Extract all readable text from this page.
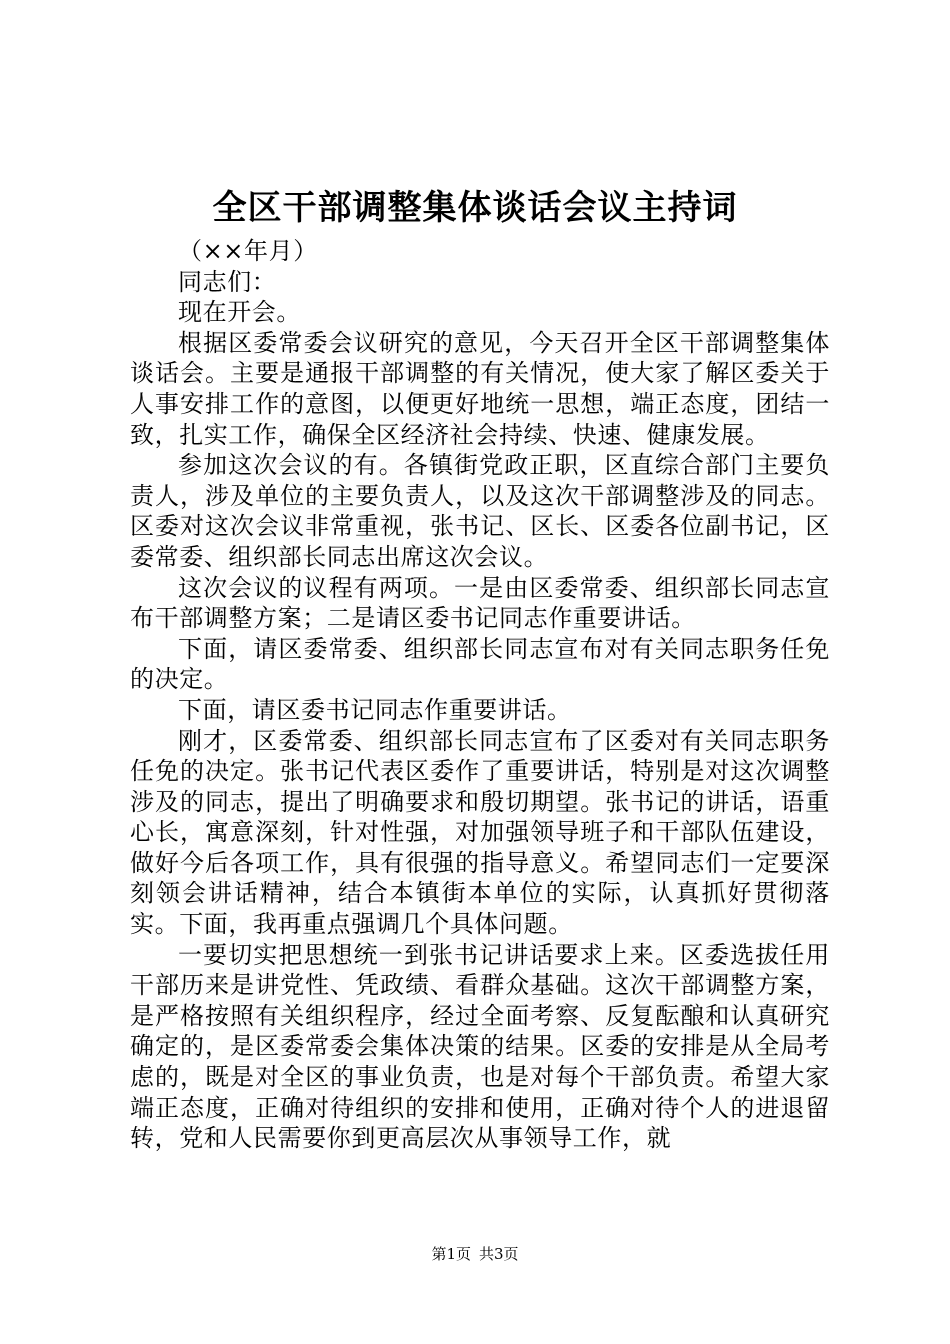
全区干部调整集体谈话会议主持词

（××年月）

同志们：

现在开会。

根据区委常委会议研究的意见，今天召开全区干部调整集体谈话会。主要是通报干部调整的有关情况，使大家了解区委关于人事安排工作的意图，以便更好地统一思想，端正态度，团结一致，扎实工作，确保全区经济社会持续、快速、健康发展。

参加这次会议的有。各镇街党政正职，区直综合部门主要负责人，涉及单位的主要负责人，以及这次干部调整涉及的同志。区委对这次会议非常重视，张书记、区长、区委各位副书记，区委常委、组织部长同志出席这次会议。

这次会议的议程有两项。一是由区委常委、组织部长同志宣布干部调整方案；二是请区委书记同志作重要讲话。

下面，请区委常委、组织部长同志宣布对有关同志职务任免的决定。

下面，请区委书记同志作重要讲话。

刚才，区委常委、组织部长同志宣布了区委对有关同志职务任免的决定。张书记代表区委作了重要讲话，特别是对这次调整涉及的同志，提出了明确要求和殷切期望。张书记的讲话，语重心长，寓意深刻，针对性强，对加强领导班子和干部队伍建设，做好今后各项工作，具有很强的指导意义。希望同志们一定要深刻领会讲话精神，结合本镇街本单位的实际，认真抓好贯彻落实。下面，我再重点强调几个具体问题。

一要切实把思想统一到张书记讲话要求上来。区委选拔任用干部历来是讲党性、凭政绩、看群众基础。这次干部调整方案，是严格按照有关组织程序，经过全面考察、反复酝酿和认真研究确定的，是区委常委会集体决策的结果。区委的安排是从全局考虑的，既是对全区的事业负责，也是对每个干部负责。希望大家端正态度，正确对待组织的安排和使用，正确对待个人的进退留转，党和人民需要你到更高层次从事领导工作，就

第1页 共3页
